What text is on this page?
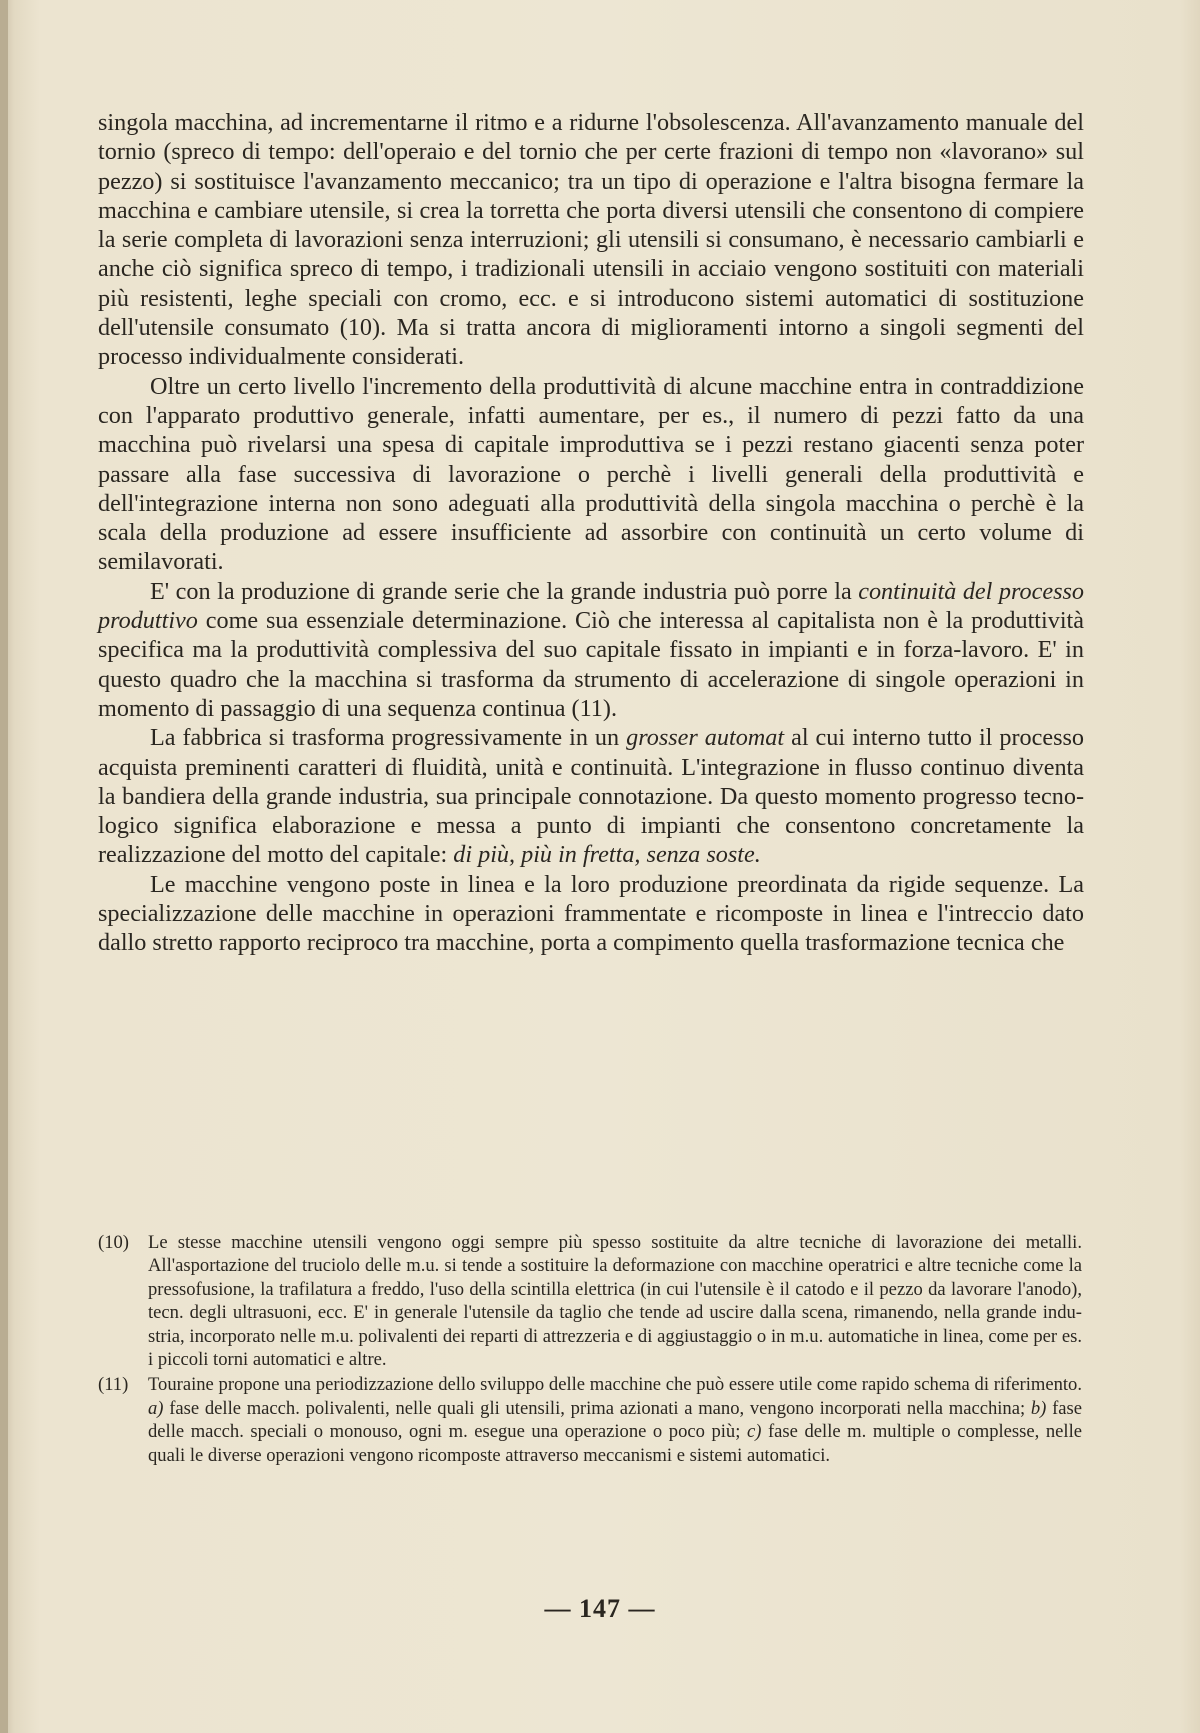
singola macchina, ad incrementarne il ritmo e a ridurne l'obsolescenza. All'avanzamento manuale del tornio (spreco di tempo: dell'operaio e del tornio che per certe frazioni di tempo non «lavorano» sul pezzo) si sostituisce l'avanzamento meccanico; tra un tipo di operazione e l'altra bisogna fermare la macchina e cambiare utensile, si crea la torretta che porta diversi utensili che consentono di compiere la serie completa di lavorazioni senza interruzioni; gli utensili si consumano, è necessario cambiarli e anche ciò significa spreco di tempo, i tradizionali utensili in acciaio vengono sostituiti con materiali più resistenti, leghe speciali con cromo, ecc. e si introducono sistemi automatici di sostituzione dell'utensile consumato (10). Ma si tratta ancora di miglioramenti intorno a singoli segmenti del processo individualmente considerati.

Oltre un certo livello l'incremento della produttività di alcune macchine entra in contraddizione con l'apparato produttivo generale, infatti aumentare, per es., il numero di pezzi fatto da una macchina può rivelarsi una spesa di capitale improduttiva se i pezzi restano giacenti senza poter passare alla fase successiva di lavorazione o perchè i livelli generali della produttività e dell'integrazione interna non sono adeguati alla produttività della singola macchina o perchè è la scala della produzione ad essere insufficiente ad assorbire con continuità un certo volume di semilavorati.

E' con la produzione di grande serie che la grande industria può porre la continuità del processo produttivo come sua essenziale determinazione. Ciò che interessa al capitalista non è la produttività specifica ma la produttività complessiva del suo capitale fissato in impianti e in forza-lavoro. E' in questo quadro che la macchina si trasforma da strumento di accelerazione di singole operazioni in momento di passaggio di una sequenza continua (11).

La fabbrica si trasforma progressivamente in un grosser automat al cui interno tutto il processo acquista preminenti caratteri di fluidità, unità e continuità. L'integrazione in flusso continuo diventa la bandiera della grande industria, sua principale connotazione. Da questo momento progresso tecnologico significa elaborazione e messa a punto di impianti che consentono concretamente la realizzazione del motto del capitale: di più, più in fretta, senza soste.

Le macchine vengono poste in linea e la loro produzione preordinata da rigide sequenze. La specializzazione delle macchine in operazioni frammentate e ricomposte in linea e l'intreccio dato dallo stretto rapporto reciproco tra macchine, porta a compimento quella trasformazione tecnica che

(10)	Le stesse macchine utensili vengono oggi sempre più spesso sostituite da altre tecniche di lavorazione dei metalli. All'asportazione del truciolo delle m.u. si tende a sostituire la deformazione con macchine operatrici e altre tecniche come la pressofusione, la trafilatura a freddo, l'uso della scintilla elettrica (in cui l'utensile è il catodo e il pezzo da lavorare l'anodo), tecn. degli ultrasuoni, ecc. E' in generale l'utensile da taglio che tende ad uscire dalla scena, rimanendo, nella grande industria, incorporato nelle m.u. polivalenti dei reparti di attrezzeria e di aggiustaggio o in m.u. automatiche in linea, come per es. i piccoli torni automatici e altre.
(11)	Touraine propone una periodizzazione dello sviluppo delle macchine che può essere utile come rapido schema di riferimento. a) fase delle macch. polivalenti, nelle quali gli utensili, prima azionati a mano, vengono incorporati nella macchina; b) fase delle macch. speciali o monouso, ogni m. esegue una operazione o poco più; c) fase delle m. multiple o complesse, nelle quali le diverse operazioni vengono ricomposte attraverso meccanismi e sistemi automatici.
— 147 —
